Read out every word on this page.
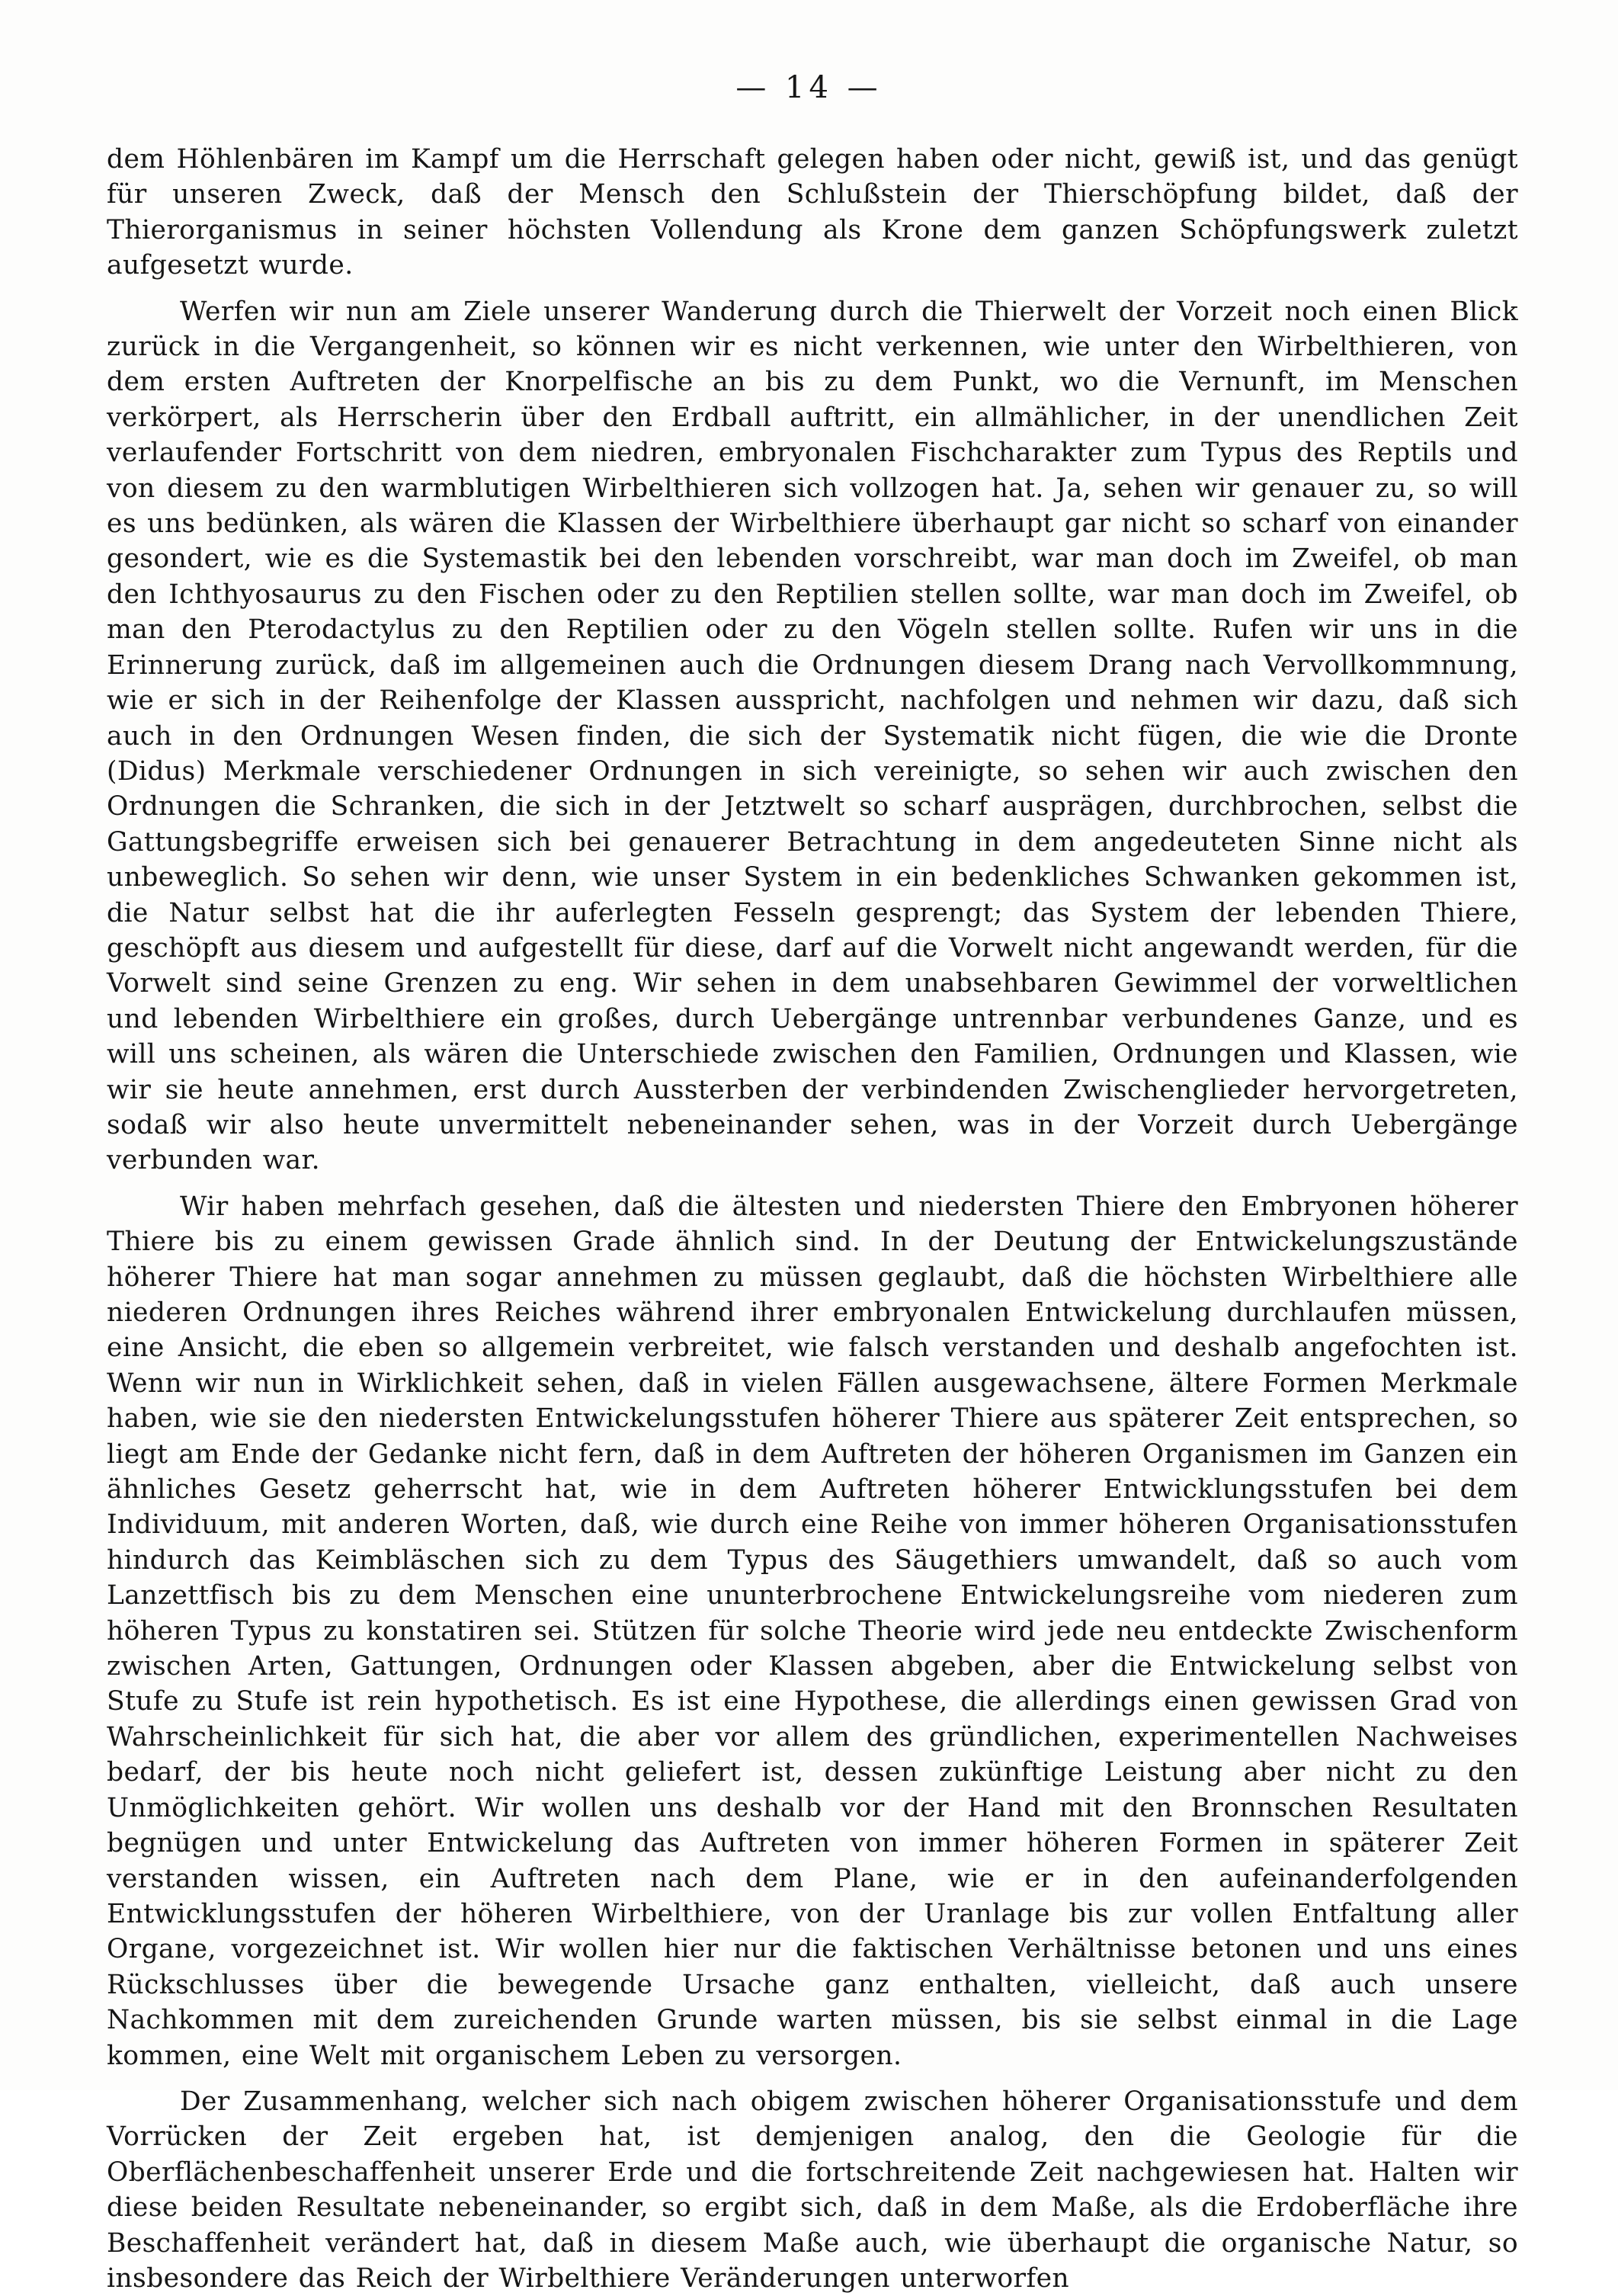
— 14 —

dem Höhlenbären im Kampf um die Herrschaft gelegen haben oder nicht, gewiß ist, und das genügt für unseren Zweck, daß der Mensch den Schlußstein der Thierschöpfung bildet, daß der Thierorganismus in seiner höchsten Vollendung als Krone dem ganzen Schöpfungswerk zuletzt aufgesetzt wurde.

Werfen wir nun am Ziele unserer Wanderung durch die Thierwelt der Vorzeit noch einen Blick zurück in die Vergangenheit, so können wir es nicht verkennen, wie unter den Wirbelthieren, von dem ersten Auftreten der Knorpelfische an bis zu dem Punkt, wo die Vernunft, im Menschen verkörpert, als Herrscherin über den Erdball auftritt, ein allmählicher, in der unendlichen Zeit verlaufender Fortschritt von dem niedren, embryonalen Fischcharakter zum Typus des Reptils und von diesem zu den warmblutigen Wirbelthieren sich vollzogen hat. Ja, sehen wir genauer zu, so will es uns bedünken, als wären die Klassen der Wirbelthiere überhaupt gar nicht so scharf von einander gesondert, wie es die Systemastik bei den lebenden vorschreibt, war man doch im Zweifel, ob man den Ichthyosaurus zu den Fischen oder zu den Reptilien stellen sollte, war man doch im Zweifel, ob man den Pterodactylus zu den Reptilien oder zu den Vögeln stellen sollte. Rufen wir uns in die Erinnerung zurück, daß im allgemeinen auch die Ordnungen diesem Drang nach Vervollkommnung, wie er sich in der Reihenfolge der Klassen ausspricht, nachfolgen und nehmen wir dazu, daß sich auch in den Ordnungen Wesen finden, die sich der Systematik nicht fügen, die wie die Dronte (Didus) Merkmale verschiedener Ordnungen in sich vereinigte, so sehen wir auch zwischen den Ordnungen die Schranken, die sich in der Jetztwelt so scharf ausprägen, durchbrochen, selbst die Gattungsbegriffe erweisen sich bei genauerer Betrachtung in dem angedeuteten Sinne nicht als unbeweglich. So sehen wir denn, wie unser System in ein bedenkliches Schwanken gekommen ist, die Natur selbst hat die ihr auferlegten Fesseln gesprengt; das System der lebenden Thiere, geschöpft aus diesem und aufgestellt für diese, darf auf die Vorwelt nicht angewandt werden, für die Vorwelt sind seine Grenzen zu eng. Wir sehen in dem unabsehbaren Gewimmel der vorweltlichen und lebenden Wirbelthiere ein großes, durch Uebergänge untrennbar verbundenes Ganze, und es will uns scheinen, als wären die Unterschiede zwischen den Familien, Ordnungen und Klassen, wie wir sie heute annehmen, erst durch Aussterben der verbindenden Zwischenglieder hervorgetreten, sodaß wir also heute unvermittelt nebeneinander sehen, was in der Vorzeit durch Uebergänge verbunden war.

Wir haben mehrfach gesehen, daß die ältesten und niedersten Thiere den Embryonen höherer Thiere bis zu einem gewissen Grade ähnlich sind. In der Deutung der Entwickelungszustände höherer Thiere hat man sogar annehmen zu müssen geglaubt, daß die höchsten Wirbelthiere alle niederen Ordnungen ihres Reiches während ihrer embryonalen Entwickelung durchlaufen müssen, eine Ansicht, die eben so allgemein verbreitet, wie falsch verstanden und deshalb angefochten ist. Wenn wir nun in Wirklichkeit sehen, daß in vielen Fällen ausgewachsene, ältere Formen Merkmale haben, wie sie den niedersten Entwickelungsstufen höherer Thiere aus späterer Zeit entsprechen, so liegt am Ende der Gedanke nicht fern, daß in dem Auftreten der höheren Organismen im Ganzen ein ähnliches Gesetz geherrscht hat, wie in dem Auftreten höherer Entwicklungsstufen bei dem Individuum, mit anderen Worten, daß, wie durch eine Reihe von immer höheren Organisationsstufen hindurch das Keimbläschen sich zu dem Typus des Säugethiers umwandelt, daß so auch vom Lanzettfisch bis zu dem Menschen eine ununterbrochene Entwickelungsreihe vom niederen zum höheren Typus zu konstatiren sei. Stützen für solche Theorie wird jede neu entdeckte Zwischenform zwischen Arten, Gattungen, Ordnungen oder Klassen abgeben, aber die Entwickelung selbst von Stufe zu Stufe ist rein hypothetisch. Es ist eine Hypothese, die allerdings einen gewissen Grad von Wahrscheinlichkeit für sich hat, die aber vor allem des gründlichen, experimentellen Nachweises bedarf, der bis heute noch nicht geliefert ist, dessen zukünftige Leistung aber nicht zu den Unmöglichkeiten gehört. Wir wollen uns deshalb vor der Hand mit den Bronnschen Resultaten begnügen und unter Entwickelung das Auftreten von immer höheren Formen in späterer Zeit verstanden wissen, ein Auftreten nach dem Plane, wie er in den aufeinanderfolgenden Entwicklungsstufen der höheren Wirbelthiere, von der Uranlage bis zur vollen Entfaltung aller Organe, vorgezeichnet ist. Wir wollen hier nur die faktischen Verhältnisse betonen und uns eines Rückschlusses über die bewegende Ursache ganz enthalten, vielleicht, daß auch unsere Nachkommen mit dem zureichenden Grunde warten müssen, bis sie selbst einmal in die Lage kommen, eine Welt mit organischem Leben zu versorgen.

Der Zusammenhang, welcher sich nach obigem zwischen höherer Organisationsstufe und dem Vorrücken der Zeit ergeben hat, ist demjenigen analog, den die Geologie für die Oberflächenbeschaffenheit unserer Erde und die fortschreitende Zeit nachgewiesen hat. Halten wir diese beiden Resultate nebeneinander, so ergibt sich, daß in dem Maße, als die Erdoberfläche ihre Beschaffenheit verändert hat, daß in diesem Maße auch, wie überhaupt die organische Natur, so insbesondere das Reich der Wirbelthiere Veränderungen unterworfen
